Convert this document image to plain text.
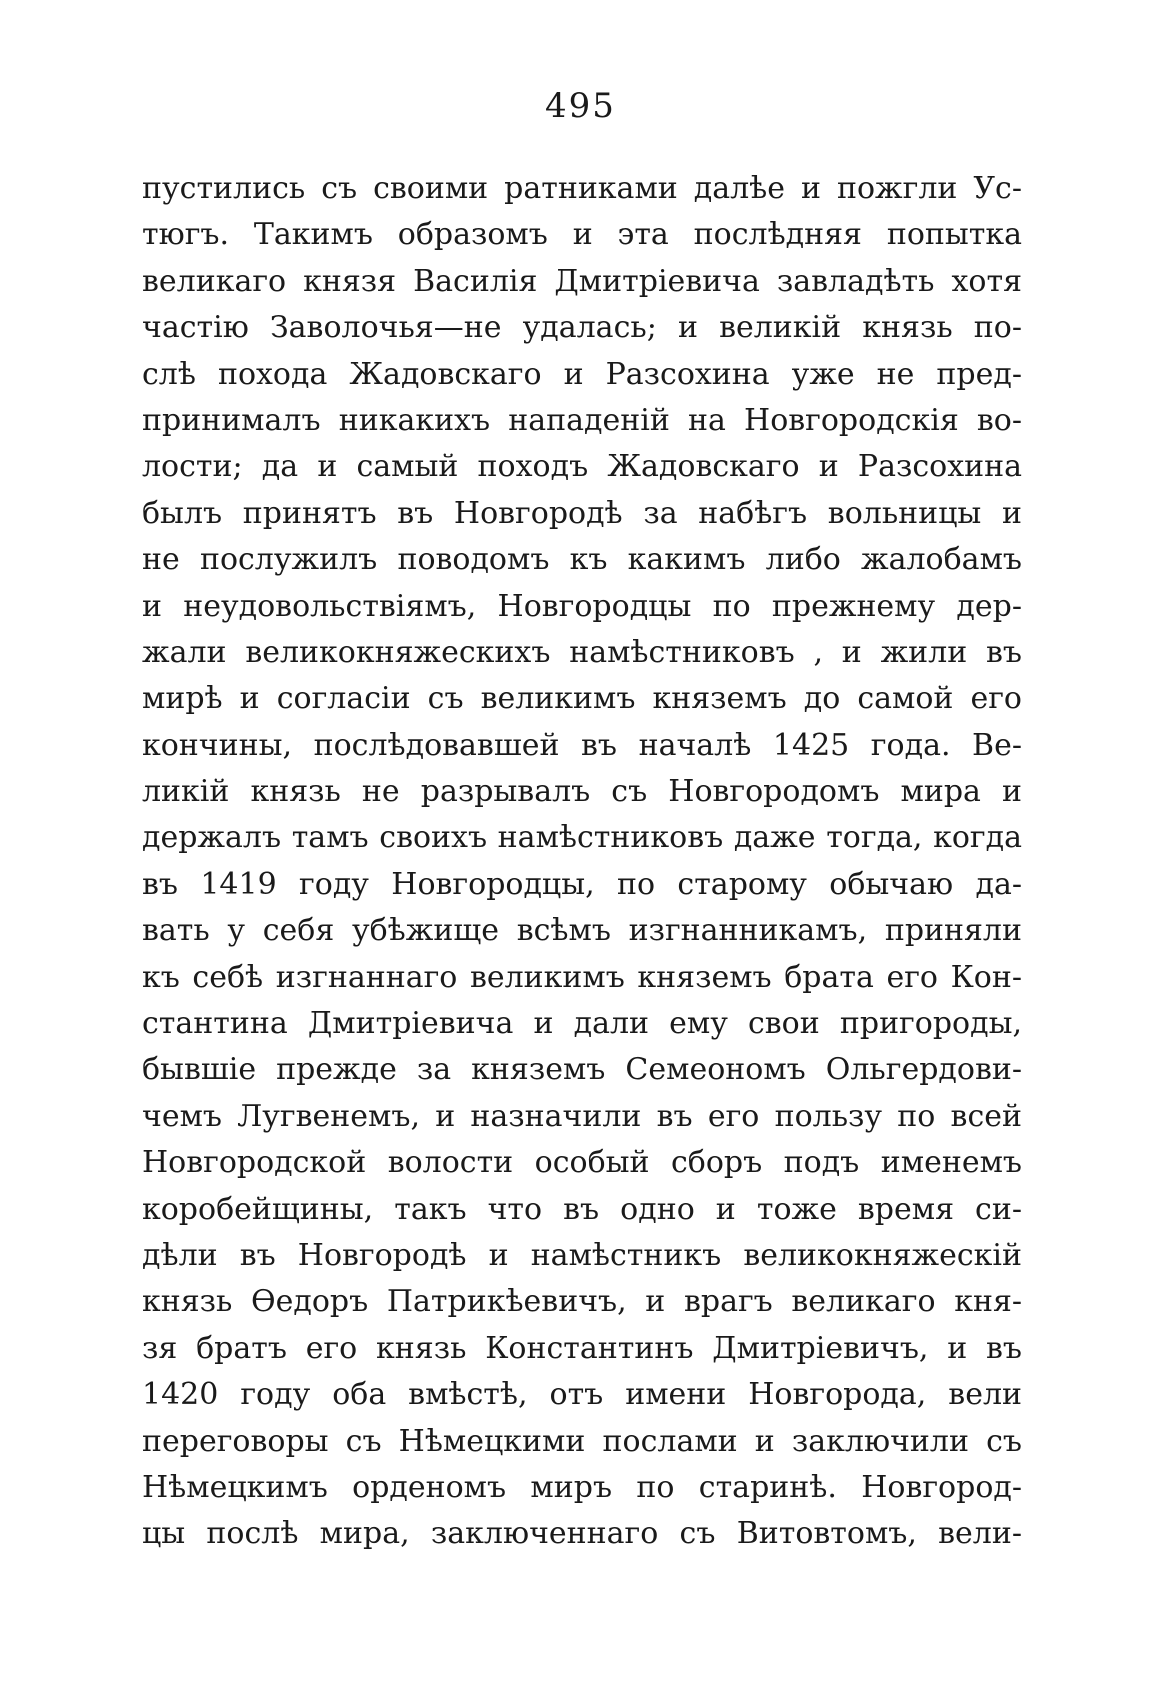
495
пустились съ своими ратниками далѣе и пожгли Ус-
тюгъ. Такимъ образомъ и эта послѣдняя попытка
великаго князя Василія Дмитріевича завладѣть хотя
частію Заволочья—не удалась; и великій князь по-
слѣ похода Жадовскаго и Разсохина уже не пред-
принималъ никакихъ нападеній на Новгородскія во-
лости; да и самый походъ Жадовскаго и Разсохина
былъ принятъ въ Новгородѣ за набѣгъ вольницы и
не послужилъ поводомъ къ какимъ либо жалобамъ
и неудовольствіямъ, Новгородцы по прежнему дер-
жали великокняжескихъ намѣстниковъ , и жили въ
мирѣ и согласіи съ великимъ княземъ до самой его
кончины, послѣдовавшей въ началѣ 1425 года. Ве-
ликій князь не разрывалъ съ Новгородомъ мира и
держалъ тамъ своихъ намѣстниковъ даже тогда, когда
въ 1419 году Новгородцы, по старому обычаю да-
вать у себя убѣжище всѣмъ изгнанникамъ, приняли
къ себѣ изгнаннаго великимъ княземъ брата его Кон-
стантина Дмитріевича и дали ему свои пригороды,
бывшіе прежде за княземъ Семеономъ Ольгердови-
чемъ Лугвенемъ, и назначили въ его пользу по всей
Новгородской волости особый сборъ подъ именемъ
коробейщины, такъ что въ одно и тоже время си-
дѣли въ Новгородѣ и намѣстникъ великокняжескій
князь Ѳедоръ Патрикѣевичъ, и врагъ великаго кня-
зя братъ его князь Константинъ Дмитріевичъ, и въ
1420 году оба вмѣстѣ, отъ имени Новгорода, вели
переговоры съ Нѣмецкими послами и заключили съ
Нѣмецкимъ орденомъ миръ по старинѣ. Новгород-
цы послѣ мира, заключеннаго съ Витовтомъ, вели-
